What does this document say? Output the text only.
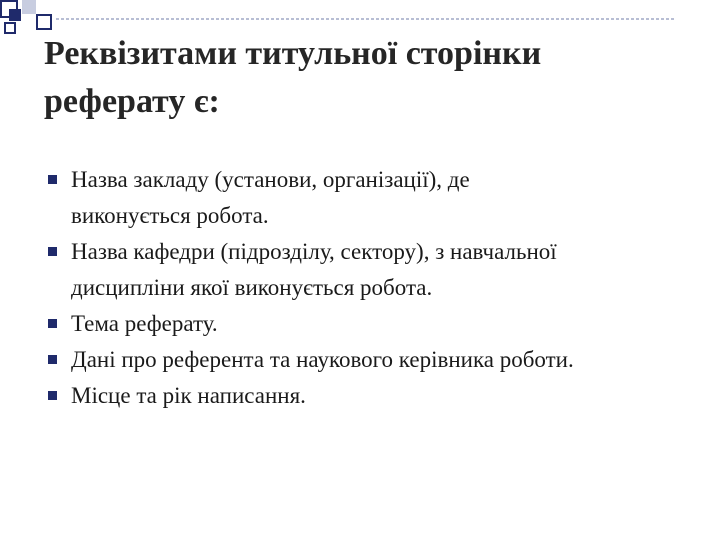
Реквізитами титульної сторінки
реферату є:
Назва закладу (установи, організації), де
виконується робота.
Назва кафедри (підрозділу, сектору), з навчальної
дисципліни якої виконується робота.
Тема реферату.
Дані про референта та наукового керівника роботи.
Місце та рік написання.
